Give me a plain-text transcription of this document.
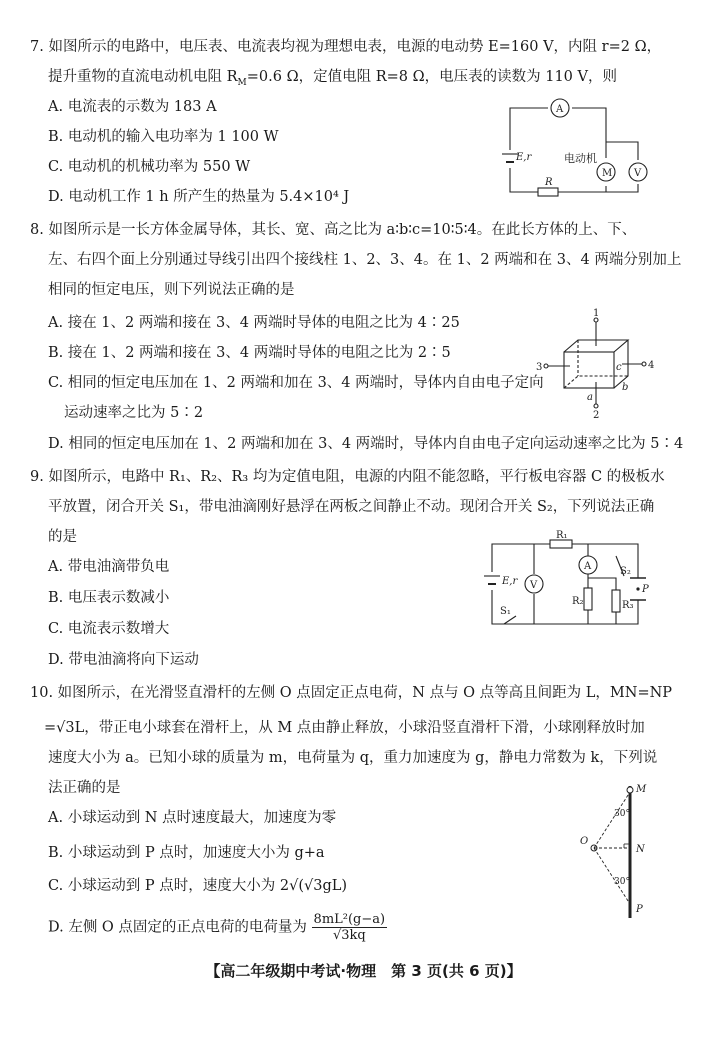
7. 如图所示的电路中，电压表、电流表均视为理想电表，电源的电动势 E=160 V，内阻 r=2 Ω，
提升重物的直流电动机电阻 $R_M=0.6$ Ω，定值电阻 R=8 Ω，电压表的读数为 110 V，则
A. 电流表的示数为 183 A
B. 电动机的输入电功率为 1 100 W
C. 电动机的机械功率为 550 W
D. 电动机工作 1 h 所产生的热量为 5.4×10⁴ J
A
M V
电动机
E,r
R
8. 如图所示是一长方体金属导体，其长、宽、高之比为 a∶b∶c=10∶5∶4。在此长方体的上、下、
左、右四个面上分别通过导线引出四个接线柱 1、2、3、4。在 1、2 两端和在 3、4 两端分别加上
相同的恒定电压，则下列说法正确的是
A. 接在 1、2 两端和接在 3、4 两端时导体的电阻之比为 4∶25
B. 接在 1、2 两端和接在 3、4 两端时导体的电阻之比为 2∶5
C. 相同的恒定电压加在 1、2 两端和加在 3、4 两端时，导体内自由电子定向
运动速率之比为 5∶2
D. 相同的恒定电压加在 1、2 两端和加在 3、4 两端时，导体内自由电子定向运动速率之比为 5∶4
1
2
3	4
a
b
c
9. 如图所示，电路中 R₁、R₂、R₃ 均为定值电阻，电源的内阻不能忽略，平行板电容器 C 的极板水
平放置，闭合开关 S₁，带电油滴刚好悬浮在两板之间静止不动。现闭合开关 S₂，下列说法正确
的是
A. 带电油滴带负电
B. 电压表示数减小
C. 电流表示数增大
D. 带电油滴将向下运动
R₁
R₂	R₃
A
V
E,r
S₁
S₂
P
10. 如图所示，在光滑竖直滑杆的左侧 O 点固定正点电荷，N 点与 O 点等高且间距为 L，MN=NP
=√3L，带正电小球套在滑杆上，从 M 点由静止释放，小球沿竖直滑杆下滑，小球刚释放时加
速度大小为 a。已知小球的质量为 m，电荷量为 q，重力加速度为 g，静电力常数为 k，下列说
法正确的是
A. 小球运动到 N 点时速度最大，加速度为零
B. 小球运动到 P 点时，加速度大小为 g+a
C. 小球运动到 P 点时，速度大小为 2√(√3gL)
D. 左侧 O 点固定的正点电荷的电荷量为 $\frac{\text{8mL²(g−a)}}{√3kq}$
M
N
P
O
30°
30°
【高二年级期中考试·物理　第 3 页(共 6 页)】
